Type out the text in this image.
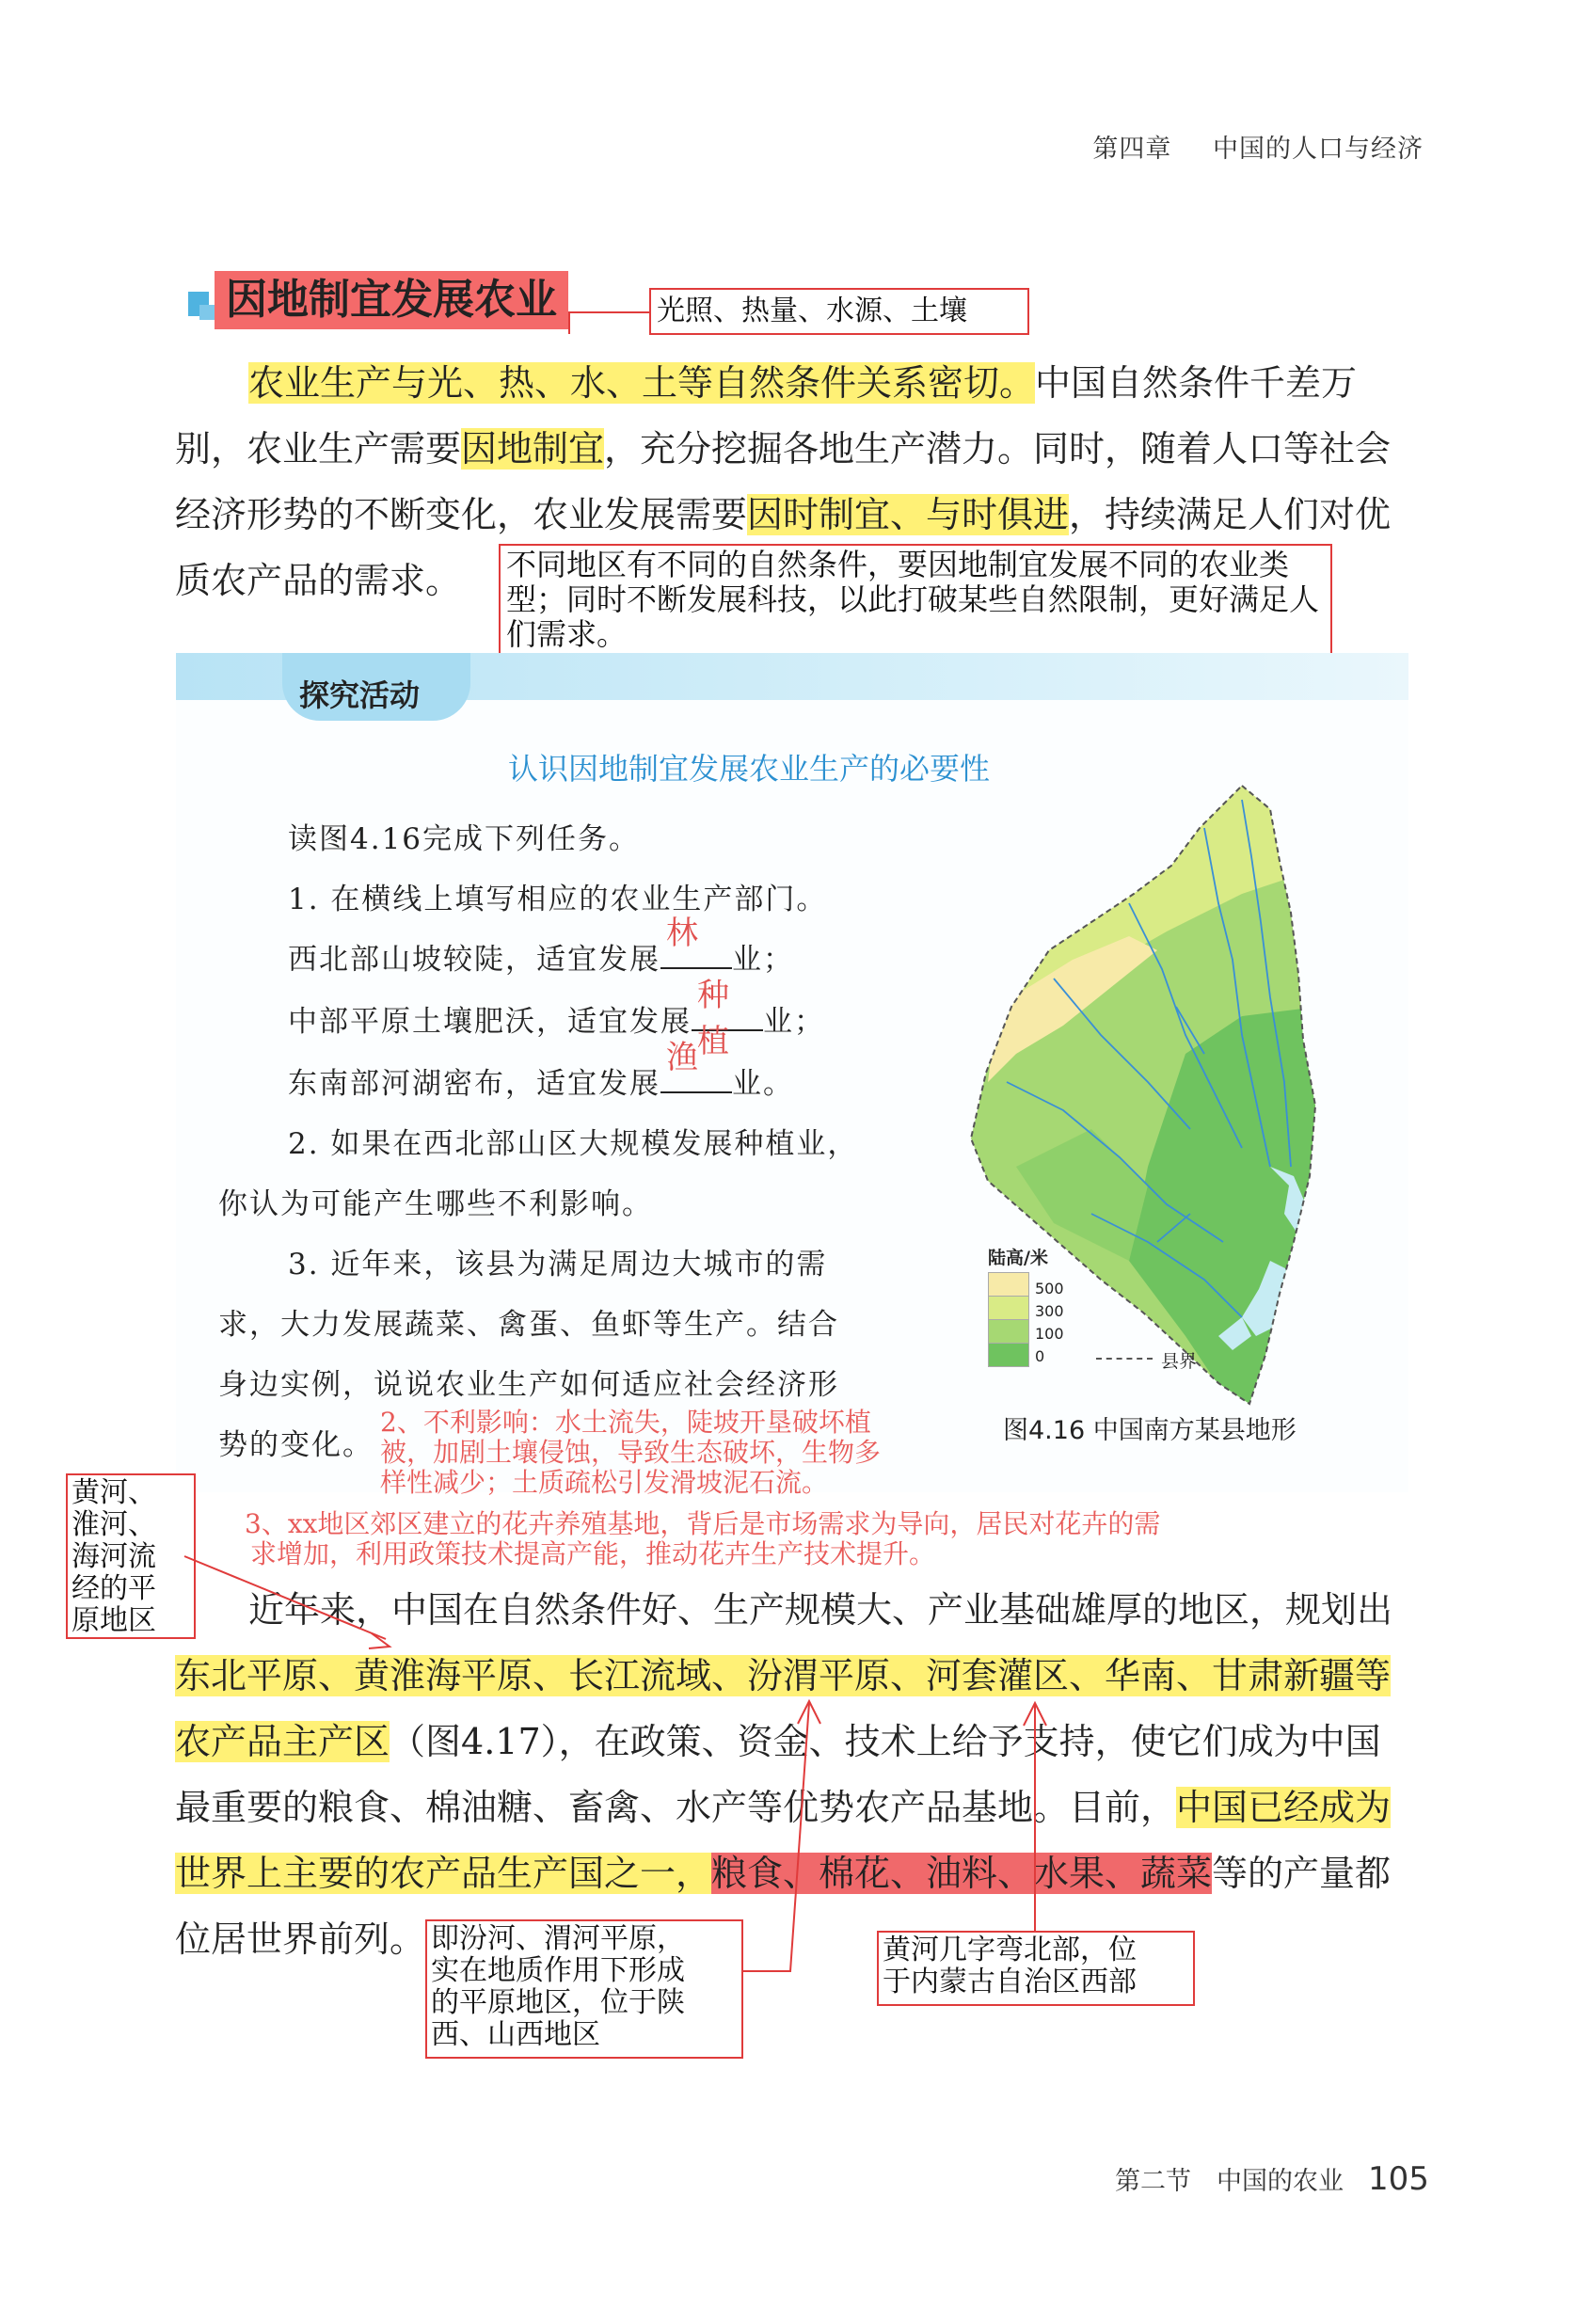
第四章 中国的人口与经济
因地制宜发展农业	光照、热量、水源、土壤
农业生产与光、热、水、土等自然条件关系密切。中国自然条件千差万
别，农业生产需要因地制宜，充分挖掘各地生产潜力。同时，随着人口等社会
经济形势的不断变化，农业发展需要因时制宜、与时俱进，持续满足人们对优
质农产品的需求。	不同地区有不同的自然条件，要因地制宜发展不同的农业类型；同时不断发展科技，以此打破某些自然限制，更好满足人们需求。
探究活动
认识因地制宜发展农业生产的必要性
读图4.16完成下列任务。
1. 在横线上填写相应的农业生产部门。
西北部山坡较陡，适宜发展
林
业；
中部平原土壤肥沃，适宜发展
种植
业；
东南部河湖密布，适宜发展
渔
业。
2. 如果在西北部山区大规模发展种植业，
你认为可能产生哪些不利影响。
3. 近年来，该县为满足周边大城市的需
求，大力发展蔬菜、禽蛋、鱼虾等生产。结合
身边实例，说说农业生产如何适应社会经济形
势的变化。
2、不利影响：水土流失，陡坡开垦破坏植
被，加剧土壤侵蚀，导致生态破坏，生物多
样性减少；土质疏松引发滑坡泥石流。
3、xx地区郊区建立的花卉养殖基地，背后是市场需求为导向，居民对花卉的需
求增加，利用政策技术提高产能，推动花卉生产技术提升。
陆高/米
500
300
100
0	县界
图4.16 中国南方某县地形
黄河、
淮河、
海河流
经的平
原地区	近年来，中国在自然条件好、生产规模大、产业基础雄厚的地区，规划出
东北平原、黄淮海平原、长江流域、汾渭平原、河套灌区、华南、甘肃新疆等
农产品主产区（图4.17），在政策、资金、技术上给予支持，使它们成为中国
最重要的粮食、棉油糖、畜禽、水产等优势农产品基地。目前，中国已经成为
世界上主要的农产品生产国之一，粮食、棉花、油料、水果、蔬菜等的产量都
位居世界前列。 即汾河、渭河平原，
实在地质作用下形成
的平原地区，位于陕
西、山西地区
黄河几字弯北部，位
于内蒙古自治区西部
第二节　中国的农业 105
